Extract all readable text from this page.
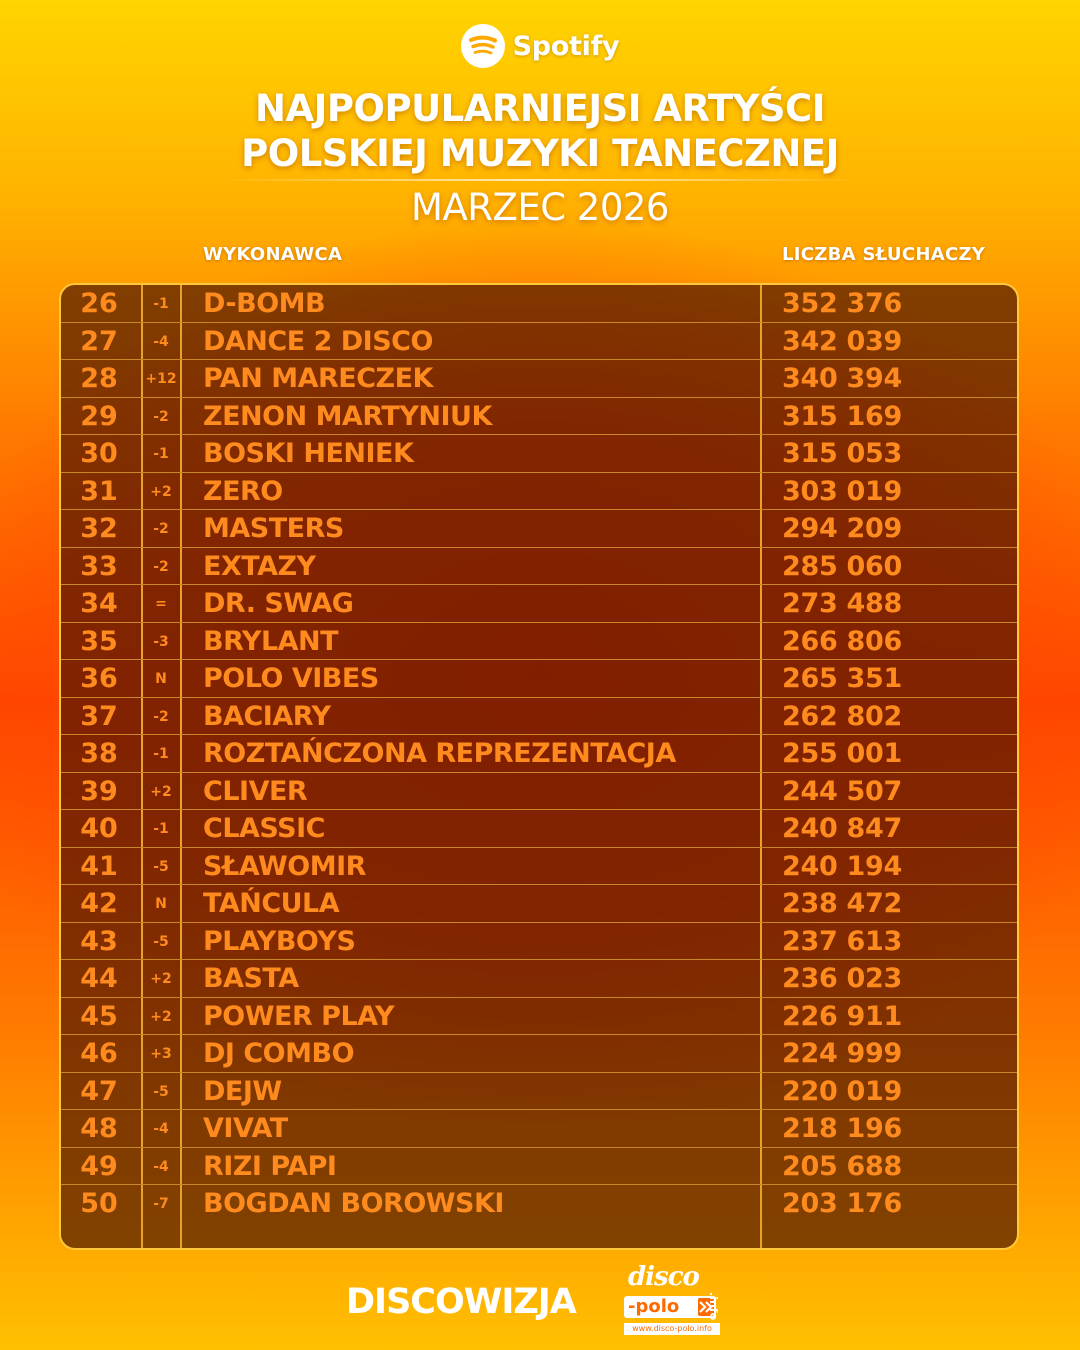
Spotify
NAJPOPULARNIEJSI ARTYŚCI
POLSKIEJ MUZYKI TANECZNEJ
MARZEC 2026
WYKONAWCA	LICZBA SŁUCHACZY
26	-1	D-BOMB	352 376
27	-4	DANCE 2 DISCO	342 039
28	+12 PAN MARECZEK	340 394
29	-2	ZENON MARTYNIUK	315 169
30	-1	BOSKI HENIEK	315 053
31	+2	ZERO	303 019
32	-2	MASTERS	294 209
33	-2	EXTAZY	285 060
34	=	DR. SWAG	273 488
35	-3	BRYLANT	266 806
36	N	POLO VIBES	265 351
37	-2	BACIARY	262 802
38	-1	ROZTAŃCZONA REPREZENTACJA	255 001
39	+2	CLIVER	244 507
40	-1	CLASSIC	240 847
41	-5	SŁAWOMIR	240 194
42	N	TAŃCULA	238 472
43	-5	PLAYBOYS	237 613
44	+2	BASTA	236 023
45	+2	POWER PLAY	226 911
46	+3	DJ COMBO	224 999
47	-5	DEJW	220 019
48	-4	VIVAT	218 196
49	-4	RIZI PAPI	205 688
50	-7	BOGDAN BOROWSKI	203 176
DISCOWIZJA
disco
-polo	.info
www.disco-polo.info
